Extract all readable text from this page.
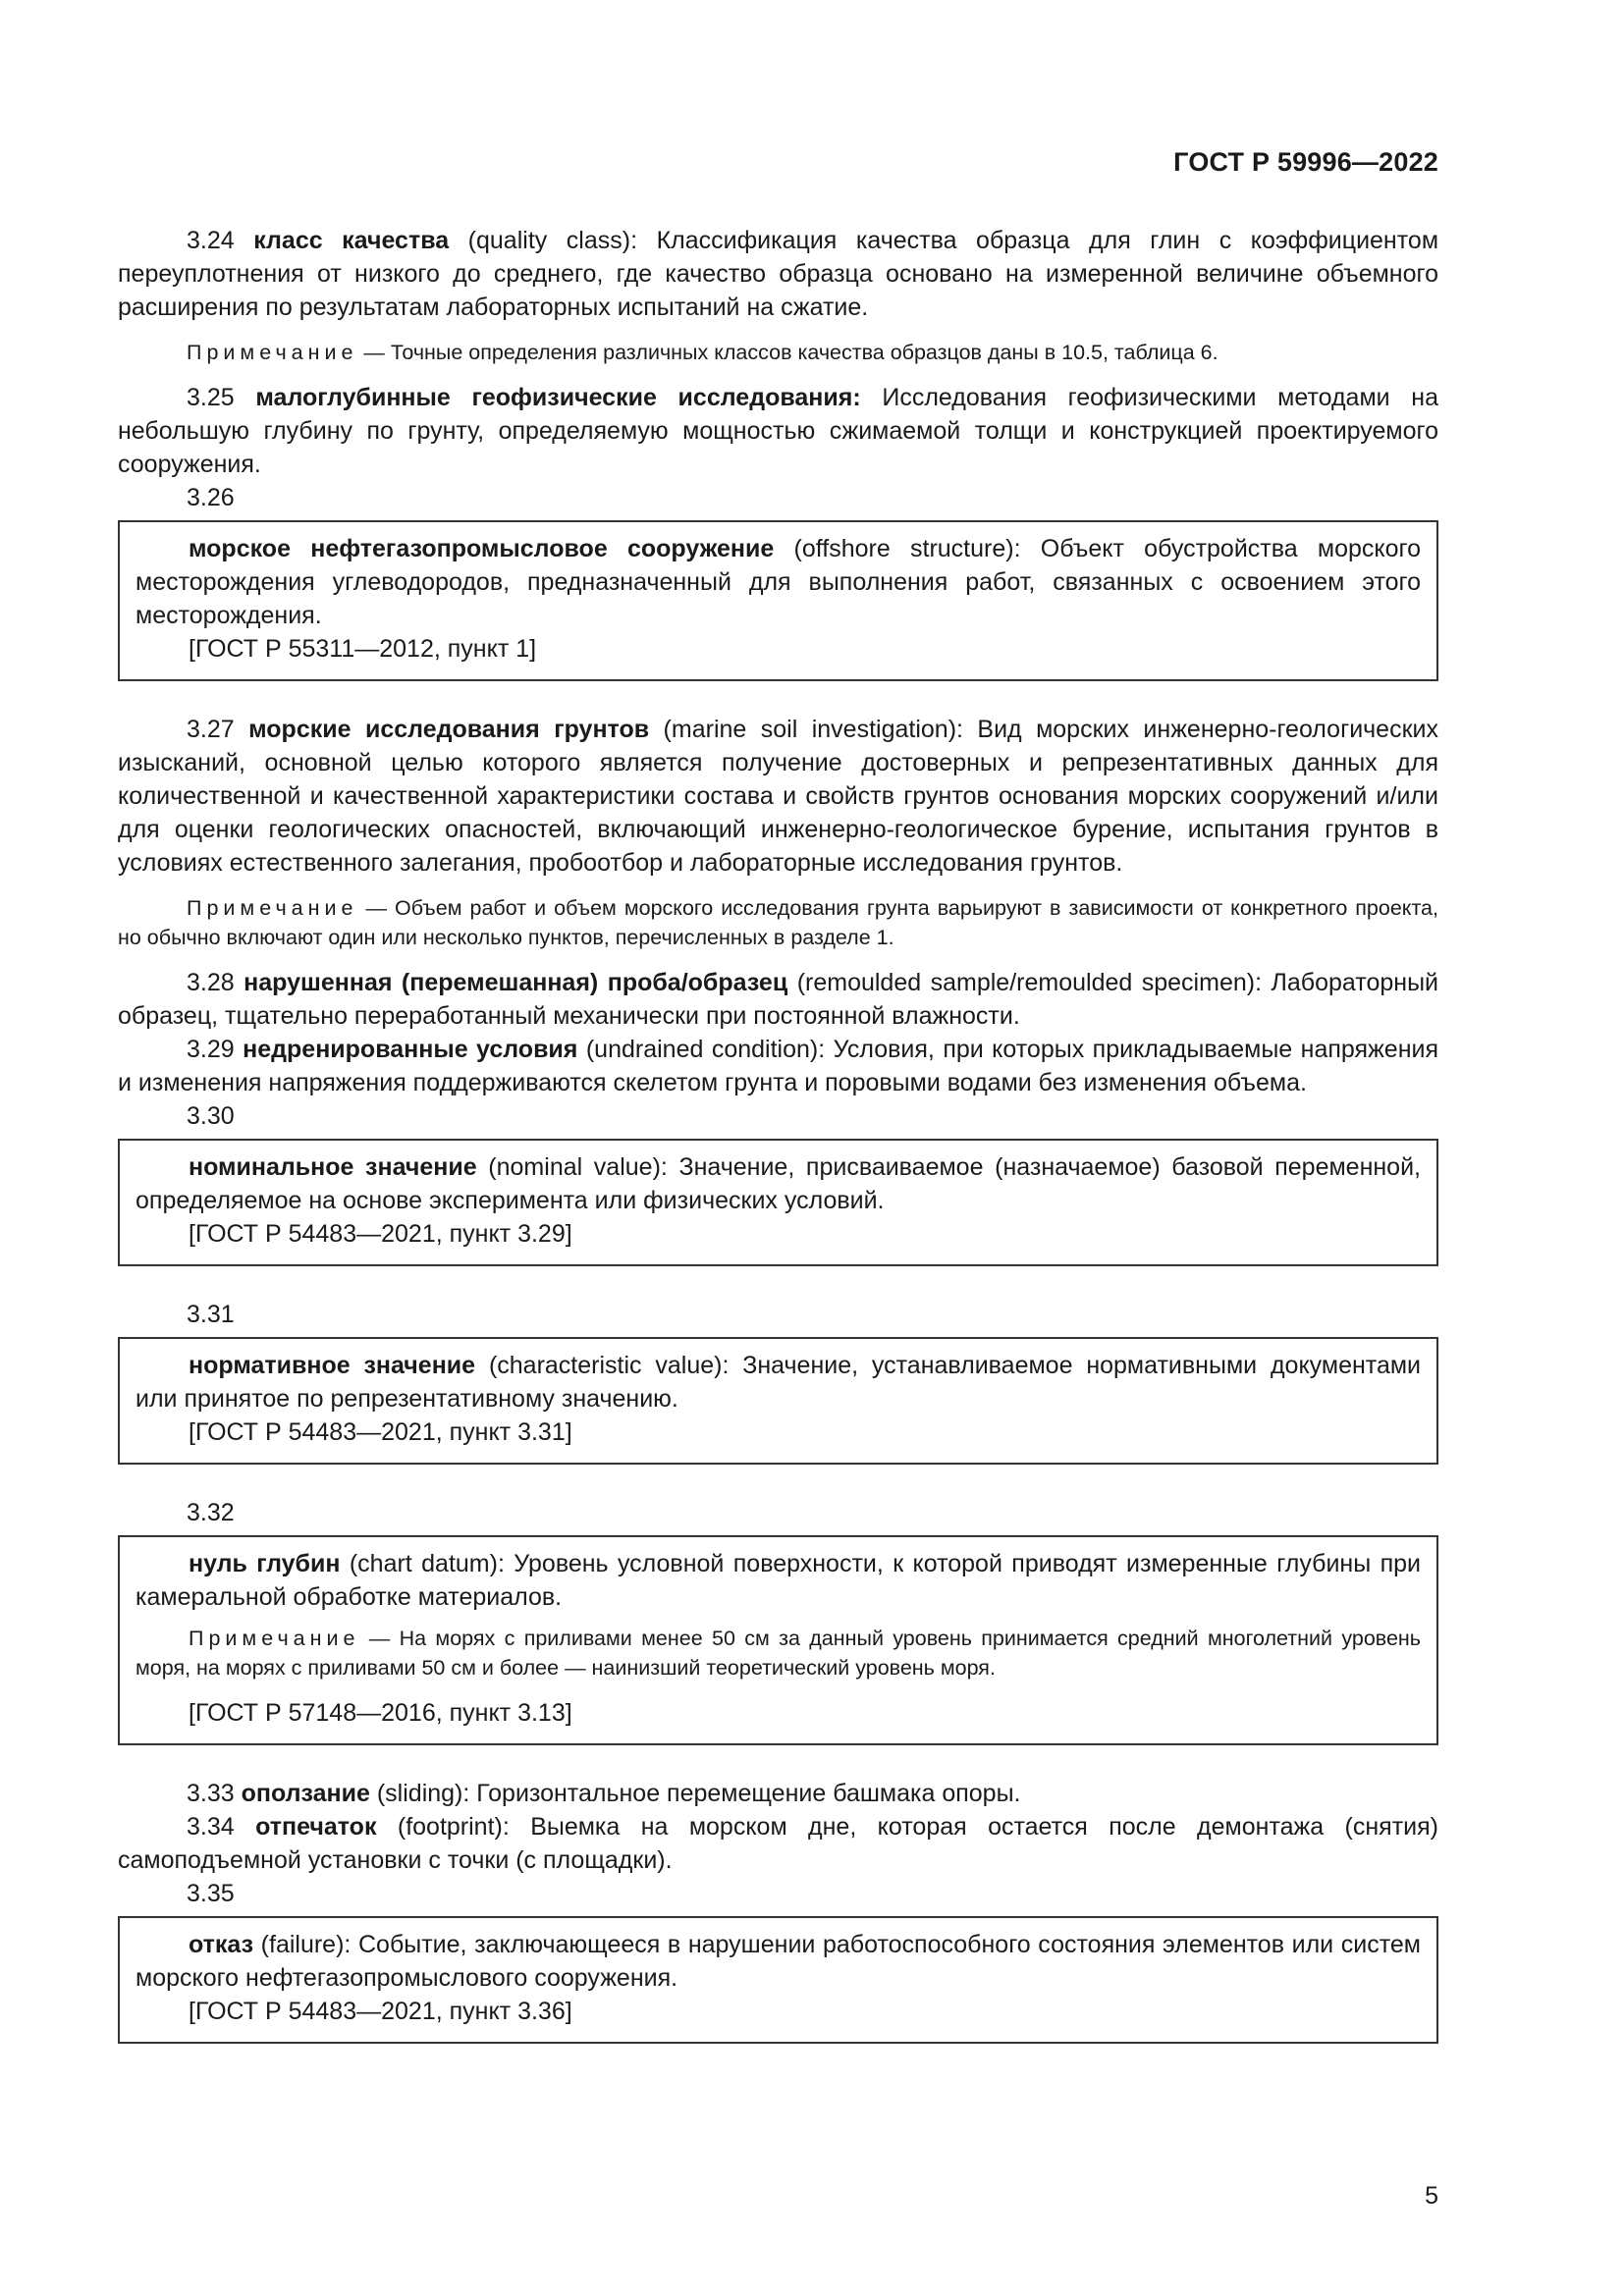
ГОСТ Р 59996—2022

3.24 класс качества (quality class): Классификация качества образца для глин с коэффициентом переуплотнения от низкого до среднего, где качество образца основано на измеренной величине объемного расширения по результатам лабораторных испытаний на сжатие.

Примечание — Точные определения различных классов качества образцов даны в 10.5, таблица 6.

3.25 малоглубинные геофизические исследования: Исследования геофизическими методами на небольшую глубину по грунту, определяемую мощностью сжимаемой толщи и конструкцией проектируемого сооружения.

3.26

морское нефтегазопромысловое сооружение (offshore structure): Объект обустройства морского месторождения углеводородов, предназначенный для выполнения работ, связанных с освоением этого месторождения.

[ГОСТ Р 55311—2012, пункт 1]

3.27 морские исследования грунтов (marine soil investigation): Вид морских инженерно-геологических изысканий, основной целью которого является получение достоверных и репрезентативных данных для количественной и качественной характеристики состава и свойств грунтов основания морских сооружений и/или для оценки геологических опасностей, включающий инженерно-геологическое бурение, испытания грунтов в условиях естественного залегания, пробоотбор и лабораторные исследования грунтов.

Примечание — Объем работ и объем морского исследования грунта варьируют в зависимости от конкретного проекта, но обычно включают один или несколько пунктов, перечисленных в разделе 1.

3.28 нарушенная (перемешанная) проба/образец (remoulded sample/remoulded specimen): Лабораторный образец, тщательно переработанный механически при постоянной влажности.

3.29 недренированные условия (undrained condition): Условия, при которых прикладываемые напряжения и изменения напряжения поддерживаются скелетом грунта и поровыми водами без изменения объема.

3.30

номинальное значение (nominal value): Значение, присваиваемое (назначаемое) базовой переменной, определяемое на основе эксперимента или физических условий.

[ГОСТ Р 54483—2021, пункт 3.29]

3.31

нормативное значение (characteristic value): Значение, устанавливаемое нормативными документами или принятое по репрезентативному значению.

[ГОСТ Р 54483—2021, пункт 3.31]

3.32

нуль глубин (chart datum): Уровень условной поверхности, к которой приводят измеренные глубины при камеральной обработке материалов.

Примечание — На морях с приливами менее 50 см за данный уровень принимается средний многолетний уровень моря, на морях с приливами 50 см и более — наинизший теоретический уровень моря.

[ГОСТ Р 57148—2016, пункт 3.13]

3.33 оползание (sliding): Горизонтальное перемещение башмака опоры.

3.34 отпечаток (footprint): Выемка на морском дне, которая остается после демонтажа (снятия) самоподъемной установки с точки (с площадки).

3.35

отказ (failure): Событие, заключающееся в нарушении работоспособного состояния элементов или систем морского нефтегазопромыслового сооружения.

[ГОСТ Р 54483—2021, пункт 3.36]

5
